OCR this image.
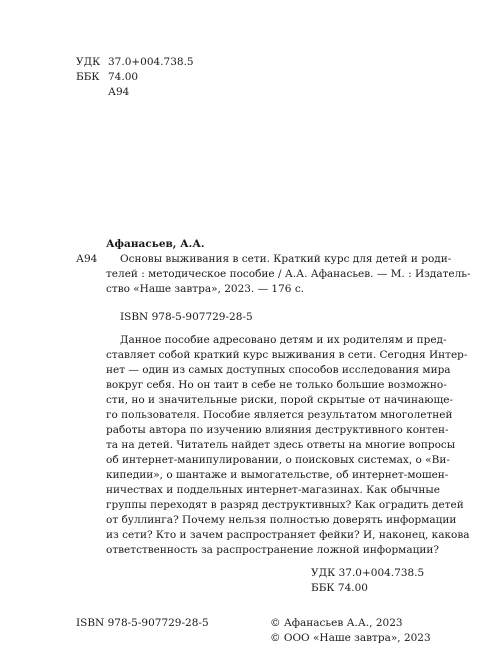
УДК 37.0+004.738.5
ББК 74.00
А94
Афанасьев, А.А.
А94 Основы выживания в сети. Краткий курс для детей и роди-
телей : методическое пособие / А.А. Афанасьев. — М. : Издатель-
ство «Наше завтра», 2023. — 176 с.
ISBN 978-5-907729-28-5
Данное пособие адресовано детям и их родителям и пред-
ставляет собой краткий курс выживания в сети. Сегодня Интер-
нет — один из самых доступных способов исследования мира
вокруг себя. Но он таит в себе не только большие возможно-
сти, но и значительные риски, порой скрытые от начинающе-
го пользователя. Пособие является результатом многолетней
работы автора по изучению влияния деструктивного контен-
та на детей. Читатель найдет здесь ответы на многие вопросы
об интернет-манипулировании, о поисковых системах, о «Ви-
кипедии», о шантаже и вымогательстве, об интернет-мошен-
ничествах и поддельных интернет-магазинах. Как обычные
группы переходят в разряд деструктивных? Как оградить детей
от буллинга? Почему нельзя полностью доверять информации
из сети? Кто и зачем распространяет фейки? И, наконец, какова
ответственность за распространение ложной информации?
УДК 37.0+004.738.5
ББК 74.00
ISBN 978-5-907729-28-5	© Афанасьев А.А., 2023
© ООО «Наше завтра», 2023
